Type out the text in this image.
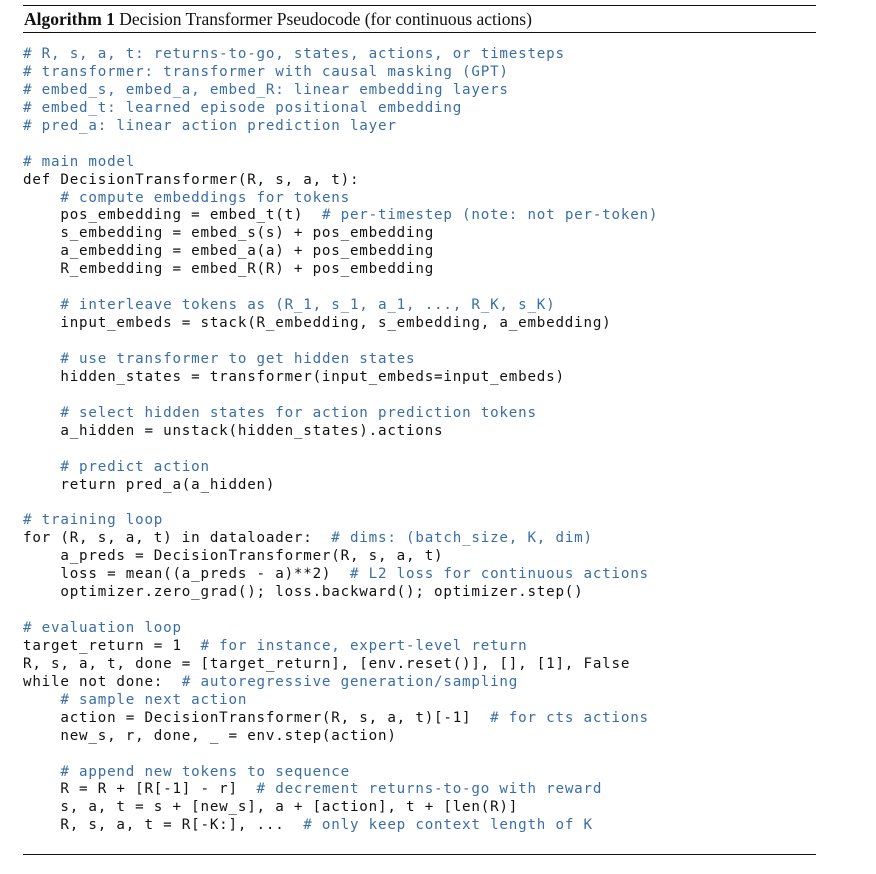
Algorithm 1 Decision Transformer Pseudocode (for continuous actions)
# R, s, a, t: returns-to-go, states, actions, or timesteps
# transformer: transformer with causal masking (GPT)
# embed_s, embed_a, embed_R: linear embedding layers
# embed_t: learned episode positional embedding
# pred_a: linear action prediction layer
# main model
def DecisionTransformer(R, s, a, t):
# compute embeddings for tokens
pos_embedding = embed_t(t)  # per-timestep (note: not per-token)
s_embedding = embed_s(s) + pos_embedding
a_embedding = embed_a(a) + pos_embedding
R_embedding = embed_R(R) + pos_embedding
# interleave tokens as (R_1, s_1, a_1, ..., R_K, s_K)
input_embeds = stack(R_embedding, s_embedding, a_embedding)
# use transformer to get hidden states
hidden_states = transformer(input_embeds=input_embeds)
# select hidden states for action prediction tokens
a_hidden = unstack(hidden_states).actions
# predict action
return pred_a(a_hidden)
# training loop
for (R, s, a, t) in dataloader:  # dims: (batch_size, K, dim)
a_preds = DecisionTransformer(R, s, a, t)
loss = mean((a_preds - a)**2)  # L2 loss for continuous actions
optimizer.zero_grad(); loss.backward(); optimizer.step()
# evaluation loop
target_return = 1  # for instance, expert-level return
R, s, a, t, done = [target_return], [env.reset()], [], [1], False
while not done:  # autoregressive generation/sampling
# sample next action
action = DecisionTransformer(R, s, a, t)[-1]  # for cts actions
new_s, r, done, _ = env.step(action)
# append new tokens to sequence
R = R + [R[-1] - r]  # decrement returns-to-go with reward
s, a, t = s + [new_s], a + [action], t + [len(R)]
R, s, a, t = R[-K:], ...  # only keep context length of K
